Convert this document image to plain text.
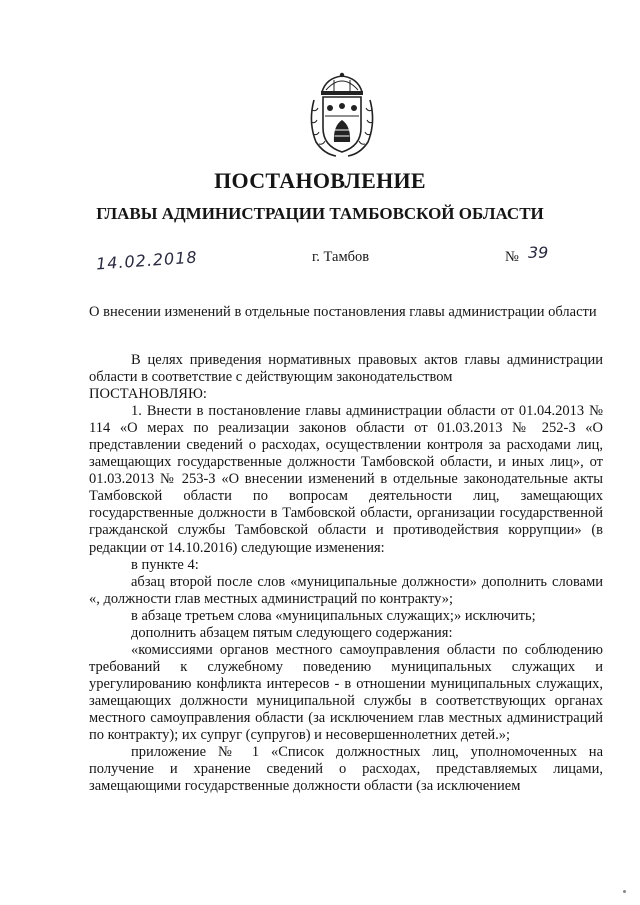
ПОСТАНОВЛЕНИЕ
ГЛАВЫ АДМИНИСТРАЦИИ ТАМБОВСКОЙ ОБЛАСТИ
14.02.2018	г. Тамбов	№ 39

О внесении изменений в отдельные постановления главы администрации области

В целях приведения нормативных правовых актов главы администрации области в соответствие с действующим законодательством

ПОСТАНОВЛЯЮ:

1. Внести в постановление главы администрации области от 01.04.2013 № 114 «О мерах по реализации законов области от 01.03.2013 № 252-З «О представлении сведений о расходах, осуществлении контроля за расходами лиц, замещающих государственные должности Тамбовской области, и иных лиц», от 01.03.2013 № 253-З «О внесении изменений в отдельные законодательные акты Тамбовской области по вопросам деятельности лиц, замещающих государственные должности в Тамбовской области, организации государственной гражданской службы Тамбовской области и противодействия коррупции» (в редакции от 14.10.2016) следующие изменения:

в пункте 4:

абзац второй после слов «муниципальные должности» дополнить словами «, должности глав местных администраций по контракту»;

в абзаце третьем слова «муниципальных служащих;» исключить;

дополнить абзацем пятым следующего содержания:

«комиссиями органов местного самоуправления области по соблюдению требований к служебному поведению муниципальных служащих и урегулированию конфликта интересов - в отношении муниципальных служащих, замещающих должности муниципальной службы в соответствующих органах местного самоуправления области (за исключением глав местных администраций по контракту); их супруг (супругов) и несовершеннолетних детей.»;

приложение № 1 «Список должностных лиц, уполномоченных на получение и хранение сведений о расходах, представляемых лицами, замещающими государственные должности области (за исключением
